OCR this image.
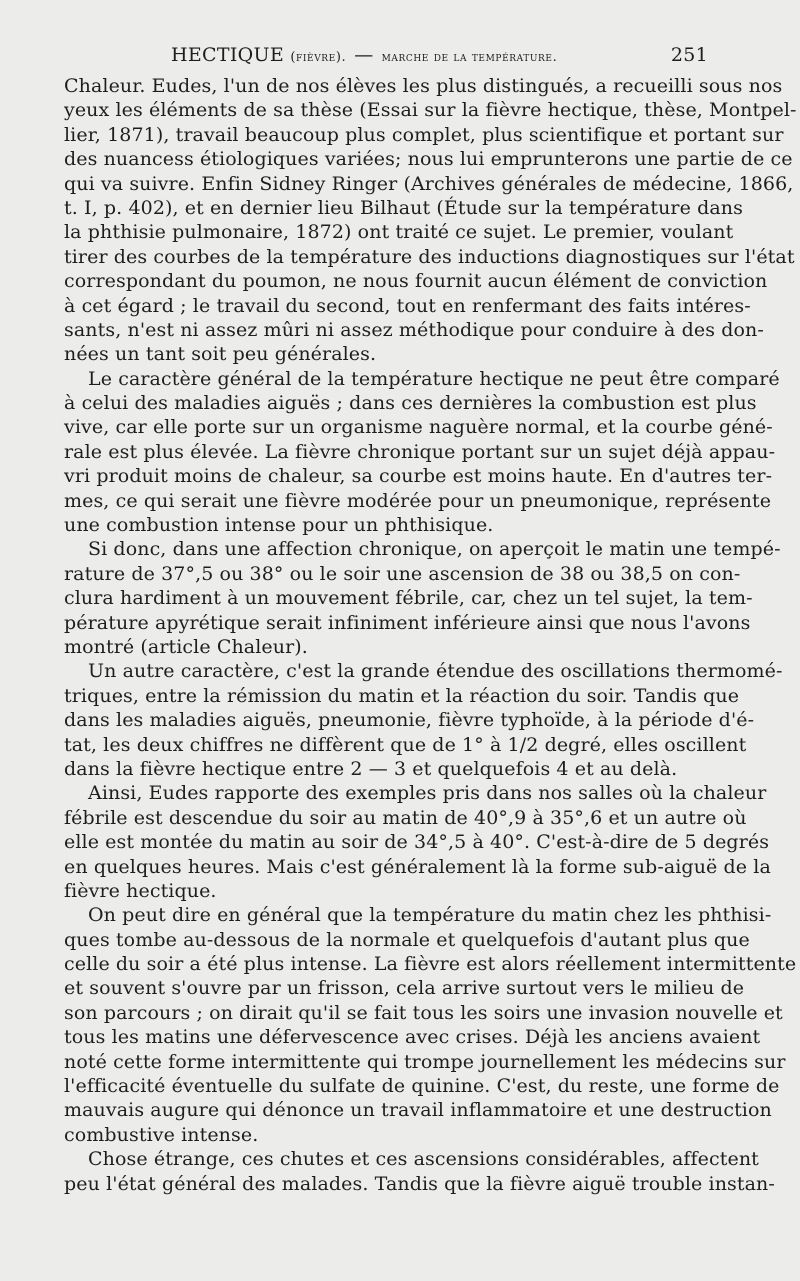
HECTIQUE (fièvre). — marche de la température.	251

Chaleur. Eudes, l'un de nos élèves les plus distingués, a recueilli sous nos
yeux les éléments de sa thèse (Essai sur la fièvre hectique, thèse, Montpel-
lier, 1871), travail beaucoup plus complet, plus scientifique et portant sur
des nuancess étiologiques variées; nous lui emprunterons une partie de ce
qui va suivre. Enfin Sidney Ringer (Archives générales de médecine, 1866,
t. I, p. 402), et en dernier lieu Bilhaut (Étude sur la température dans
la phthisie pulmonaire, 1872) ont traité ce sujet. Le premier, voulant
tirer des courbes de la température des inductions diagnostiques sur l'état
correspondant du poumon, ne nous fournit aucun élément de conviction
à cet égard ; le travail du second, tout en renfermant des faits intéres-
sants, n'est ni assez mûri ni assez méthodique pour conduire à des don-
nées un tant soit peu générales.

Le caractère général de la température hectique ne peut être comparé
à celui des maladies aiguës ; dans ces dernières la combustion est plus
vive, car elle porte sur un organisme naguère normal, et la courbe géné-
rale est plus élevée. La fièvre chronique portant sur un sujet déjà appau-
vri produit moins de chaleur, sa courbe est moins haute. En d'autres ter-
mes, ce qui serait une fièvre modérée pour un pneumonique, représente
une combustion intense pour un phthisique.

Si donc, dans une affection chronique, on aperçoit le matin une tempé-
rature de 37°,5 ou 38° ou le soir une ascension de 38 ou 38,5 on con-
clura hardiment à un mouvement fébrile, car, chez un tel sujet, la tem-
pérature apyrétique serait infiniment inférieure ainsi que nous l'avons
montré (article Chaleur).

Un autre caractère, c'est la grande étendue des oscillations thermomé-
triques, entre la rémission du matin et la réaction du soir. Tandis que
dans les maladies aiguës, pneumonie, fièvre typhoïde, à la période d'é-
tat, les deux chiffres ne diffèrent que de 1° à 1/2 degré, elles oscillent
dans la fièvre hectique entre 2 — 3 et quelquefois 4 et au delà.

Ainsi, Eudes rapporte des exemples pris dans nos salles où la chaleur
fébrile est descendue du soir au matin de 40°,9 à 35°,6 et un autre où
elle est montée du matin au soir de 34°,5 à 40°. C'est-à-dire de 5 degrés
en quelques heures. Mais c'est généralement là la forme sub-aiguë de la
fièvre hectique.

On peut dire en général que la température du matin chez les phthisi-
ques tombe au-dessous de la normale et quelquefois d'autant plus que
celle du soir a été plus intense. La fièvre est alors réellement intermittente
et souvent s'ouvre par un frisson, cela arrive surtout vers le milieu de
son parcours ; on dirait qu'il se fait tous les soirs une invasion nouvelle et
tous les matins une défervescence avec crises. Déjà les anciens avaient
noté cette forme intermittente qui trompe journellement les médecins sur
l'efficacité éventuelle du sulfate de quinine. C'est, du reste, une forme de
mauvais augure qui dénonce un travail inflammatoire et une destruction
combustive intense.

Chose étrange, ces chutes et ces ascensions considérables, affectent
peu l'état général des malades. Tandis que la fièvre aiguë trouble instan-
